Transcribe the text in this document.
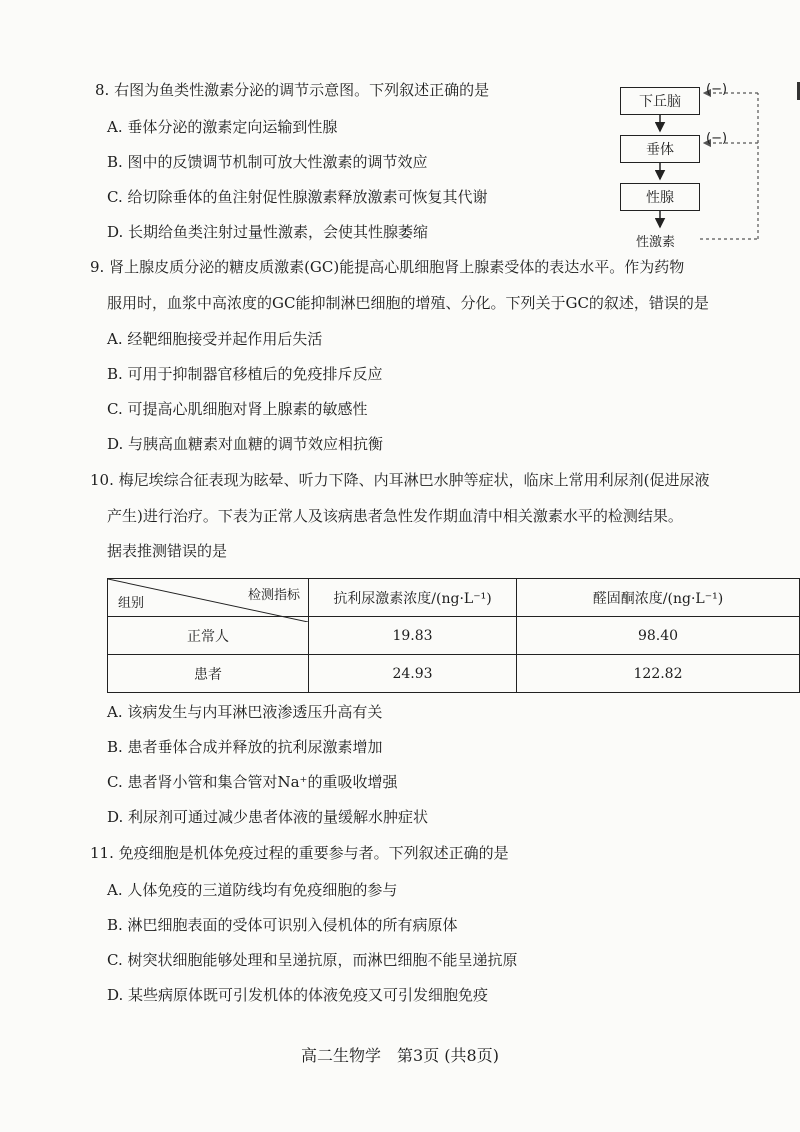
8. 右图为鱼类性激素分泌的调节示意图。下列叙述正确的是
A. 垂体分泌的激素定向运输到性腺
B. 图中的反馈调节机制可放大性激素的调节效应
C. 给切除垂体的鱼注射促性腺激素释放激素可恢复其代谢
D. 长期给鱼类注射过量性激素，会使其性腺萎缩
下丘脑
垂体
性腺
性激素
(−)
(−)
9. 肾上腺皮质分泌的糖皮质激素(GC)能提高心肌细胞肾上腺素受体的表达水平。作为药物
服用时，血浆中高浓度的GC能抑制淋巴细胞的增殖、分化。下列关于GC的叙述，错误的是
A. 经靶细胞接受并起作用后失活
B. 可用于抑制器官移植后的免疫排斥反应
C. 可提高心肌细胞对肾上腺素的敏感性
D. 与胰高血糖素对血糖的调节效应相抗衡
10. 梅尼埃综合征表现为眩晕、听力下降、内耳淋巴水肿等症状，临床上常用利尿剂(促进尿液
产生)进行治疗。下表为正常人及该病患者急性发作期血清中相关激素水平的检测结果。
据表推测错误的是
检测指标
组别	抗利尿激素浓度/(ng·L⁻¹)	醛固酮浓度/(ng·L⁻¹)
正常人	19.83	98.40
患者	24.93	122.82
A. 该病发生与内耳淋巴液渗透压升高有关
B. 患者垂体合成并释放的抗利尿激素增加
C. 患者肾小管和集合管对Na⁺的重吸收增强
D. 利尿剂可通过减少患者体液的量缓解水肿症状
11. 免疫细胞是机体免疫过程的重要参与者。下列叙述正确的是
A. 人体免疫的三道防线均有免疫细胞的参与
B. 淋巴细胞表面的受体可识别入侵机体的所有病原体
C. 树突状细胞能够处理和呈递抗原，而淋巴细胞不能呈递抗原
D. 某些病原体既可引发机体的体液免疫又可引发细胞免疫
高二生物学　第3页 (共8页)
